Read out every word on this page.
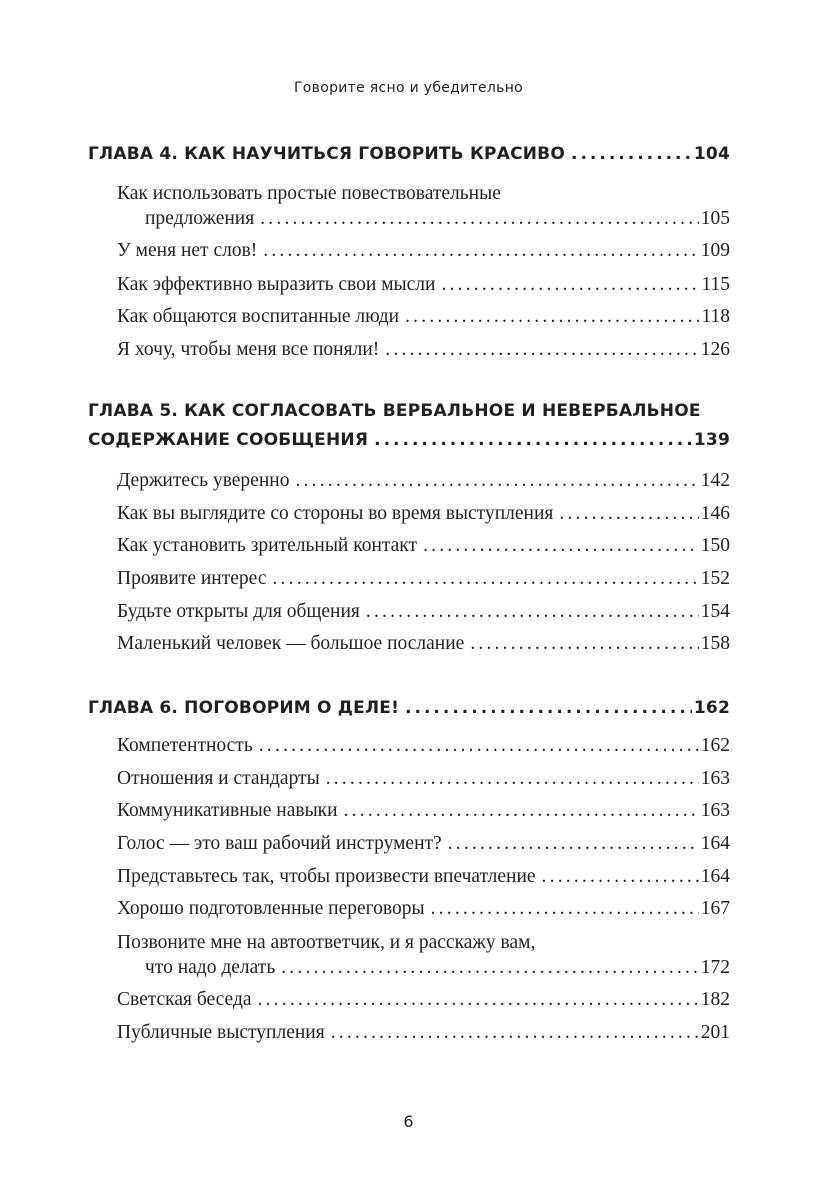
Говорите ясно и убедительно
ГЛАВА 4. КАК НАУЧИТЬСЯ ГОВОРИТЬ КРАСИВО .....	104
Как использовать простые повествовательные
предложения .....	105
У меня нет слов! .....	109
Как эффективно выразить свои мысли .....	115
Как общаются воспитанные люди .....	118
Я хочу, чтобы меня все поняли! .....	126
ГЛАВА 5. КАК СОГЛАСОВАТЬ ВЕРБАЛЬНОЕ И НЕВЕРБАЛЬНОЕ
СОДЕРЖАНИЕ СООБЩЕНИЯ .....	139
Держитесь уверенно .....	142
Как вы выглядите со стороны во время выступления .....	146
Как установить зрительный контакт .....	150
Проявите интерес .....	152
Будьте открыты для общения .....	154
Маленький человек — большое послание .....	158
ГЛАВА 6. ПОГОВОРИМ О ДЕЛЕ! .....	162
Компетентность .....	162
Отношения и стандарты .....	163
Коммуникативные навыки .....	163
Голос — это ваш рабочий инструмент? .....	164
Представьтесь так, чтобы произвести впечатление .....	164
Хорошо подготовленные переговоры .....	167
Позвоните мне на автоответчик, и я расскажу вам,
что надо делать .....	172
Светская беседа .....	182
Публичные выступления .....	201
6
